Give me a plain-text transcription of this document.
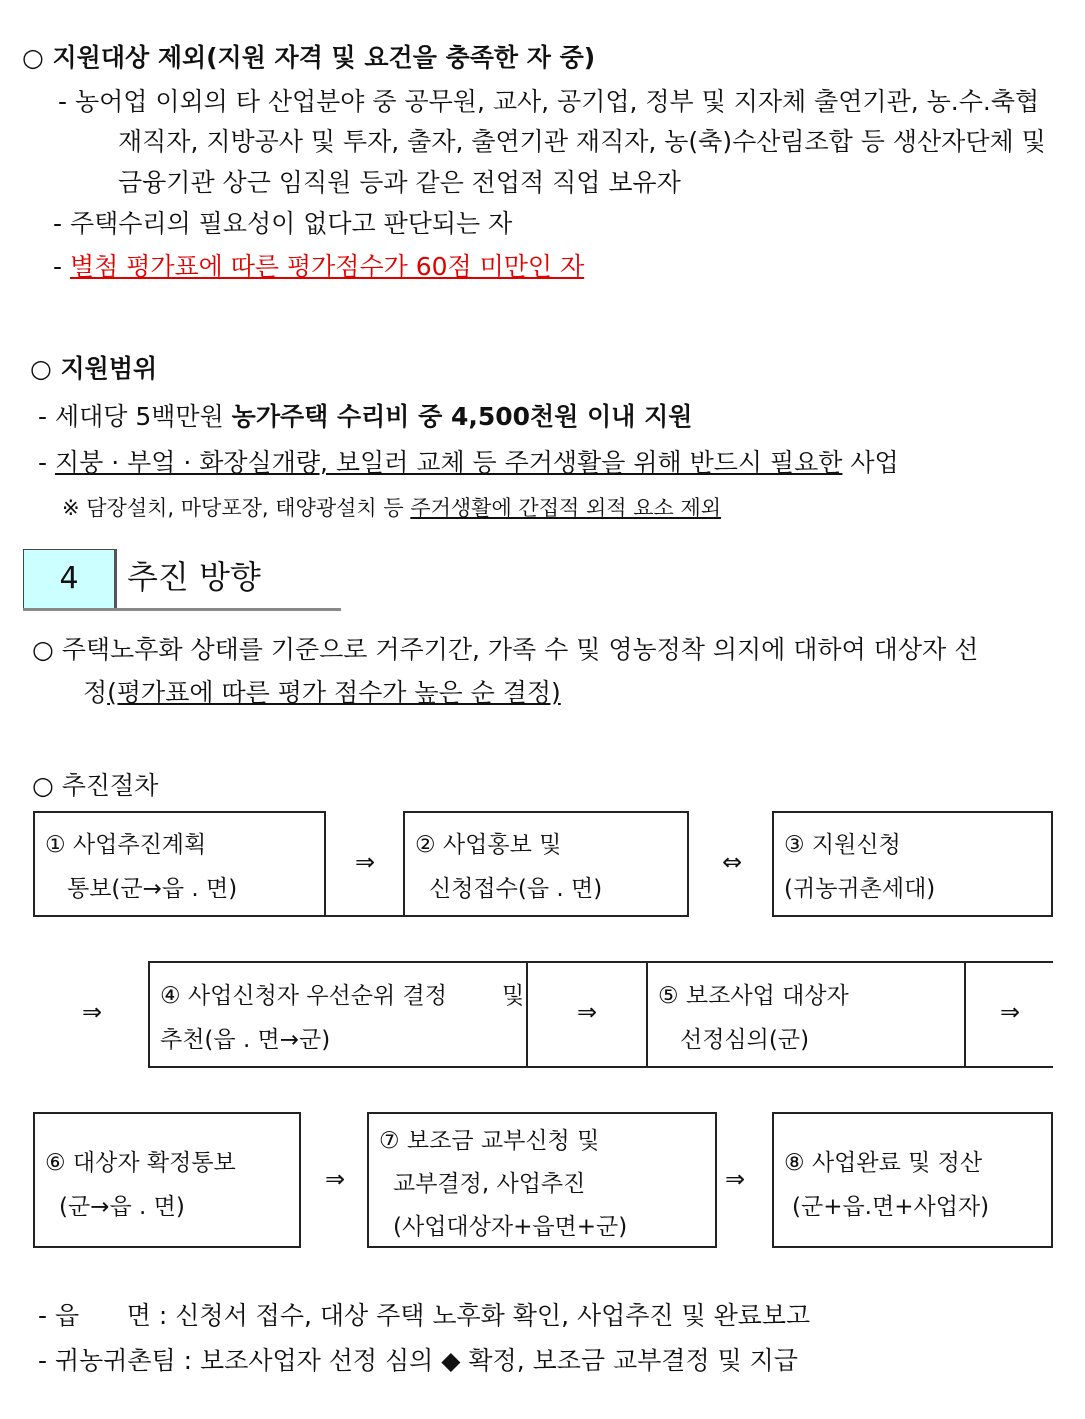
○ 지원대상 제외(지원 자격 및 요건을 충족한 자 중)
- 농어업 이외의 타 산업분야 중 공무원, 교사, 공기업, 정부 및 지자체 출연기관, 농.수.축협
재직자, 지방공사 및 투자, 출자, 출연기관 재직자, 농(축)수산림조합 등 생산자단체 및
금융기관 상근 임직원 등과 같은 전업적 직업 보유자
- 주택수리의 필요성이 없다고 판단되는 자
- 별첨 평가표에 따른 평가점수가 60점 미만인 자
○ 지원범위
- 세대당 5백만원 농가주택 수리비 중 4,500천원 이내 지원
- 지붕 · 부엌 · 화장실개량, 보일러 교체 등 주거생활을 위해 반드시 필요한 사업
※ 담장설치, 마당포장, 태양광설치 등 주거생활에 간접적 외적 요소 제외
4	추진 방향
○ 주택노후화 상태를 기준으로 거주기간, 가족 수 및 영농정착 의지에 대하여 대상자 선
정(평가표에 따른 평가 점수가 높은 순 결정)
○ 추진절차
① 사업추진계획
통보(군→읍 . 면)
⇒
② 사업홍보 및
신청접수(읍 . 면)
⇔
③ 지원신청
(귀농귀촌세대)
⇒
④ 사업신청자 우선순위 결정 및
추천(읍 . 면→군)
⇒
⑤ 보조사업 대상자
선정심의(군)
⇒
⑥ 대상자 확정통보
(군→읍 . 면)
⇒
⑦ 보조금 교부신청 및
교부결정, 사업추진
(사업대상자+읍면+군)
⇒
⑧ 사업완료 및 정산
(군+읍.면+사업자)
- 읍      면 : 신청서 접수, 대상 주택 노후화 확인, 사업추진 및 완료보고
- 귀농귀촌팀 : 보조사업자 선정 심의 ◆ 확정, 보조금 교부결정 및 지급
